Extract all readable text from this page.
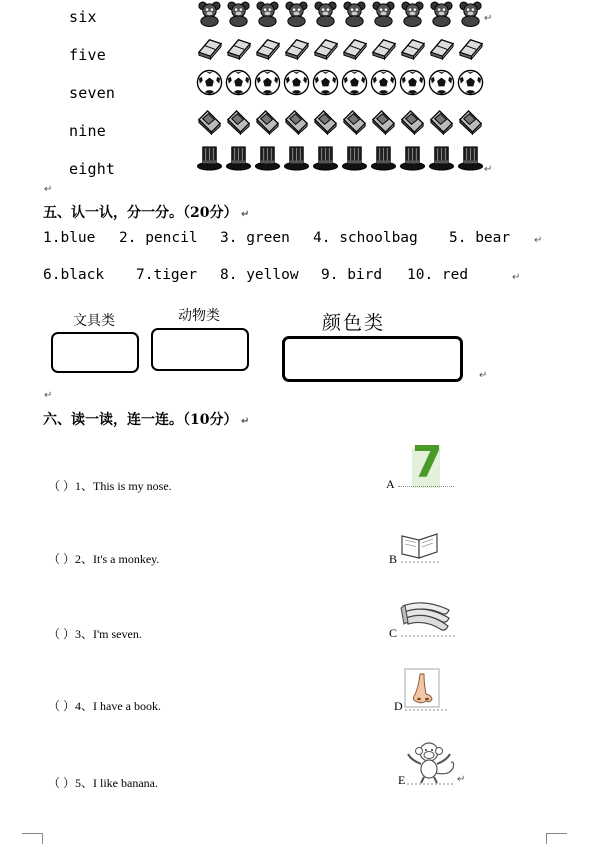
six	↵
five
seven
nine
eight	↵
↵
五、认一认，分一分。（20分） ↵
1.blue 2. pencil 3. green 4. schoolbag 5. bear ↵
6.black 7.tiger 8. yellow 9. bird 10. red	↵
文具类	动物类	颜色类
↵
↵
六、读一读，连一连。（10分） ↵
（ ）1、This is my nose.
（ ）2、It's a monkey.
（ ）3、I'm seven.
（ ）4、I have a book.
（ ）5、I like banana.
A 7
B
C
D
E	↵
